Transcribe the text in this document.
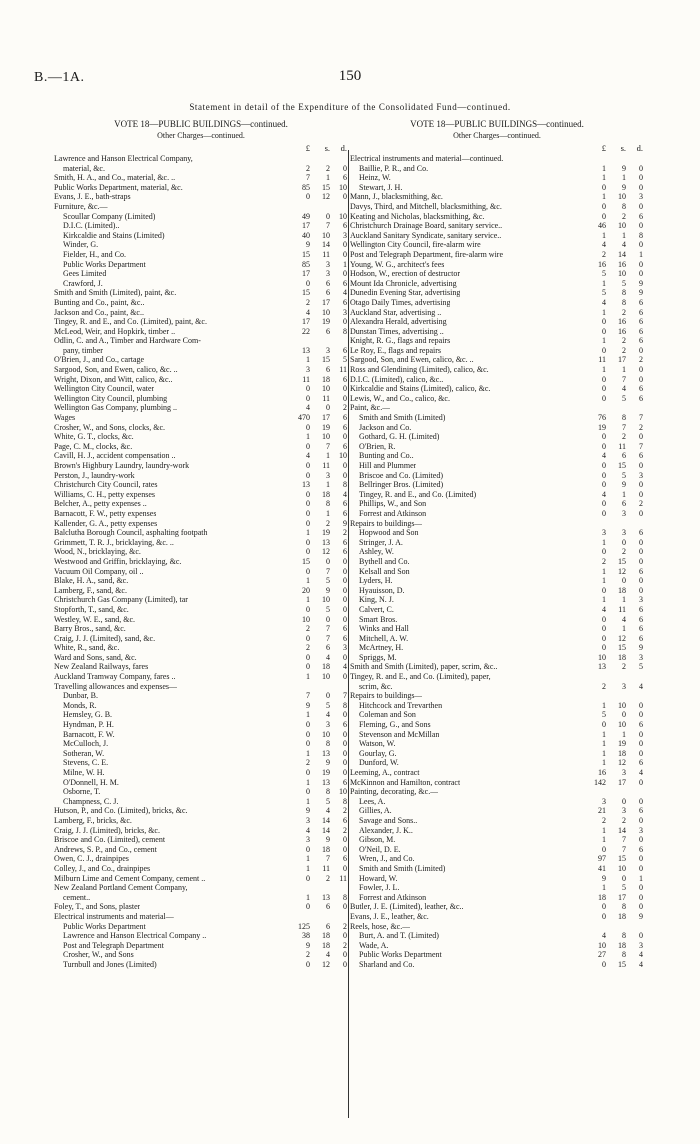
B.—1A.	150
Statement in detail of the Expenditure of the Consolidated Fund—continued.
VOTE 18—PUBLIC BUILDINGS—continued.
Other Charges—continued.
£	s.	d.
Lawrence and Hanson Electrical Company,
material, &c.	2	2	0
Smith, H. A., and Co., material, &c. ..	7	1	6
Public Works Department, material, &c.	85	15	10
Evans, J. E., bath-straps	0	12	0
Furniture, &c.—
Scoullar Company (Limited)	49	0	10
D.I.C. (Limited)..	17	7	6
Kirkcaldie and Stains (Limited)	40	10	3
Winder, G.	9	14	0
Fielder, H., and Co.	15	11	0
Public Works Department	85	3	1
Gees Limited	17	3	0
Crawford, J.	0	6	6
Smith and Smith (Limited), paint, &c.	15	6	4
Bunting and Co., paint, &c..	2	17	6
Jackson and Co., paint, &c..	4	10	3
Tingey, R. and E., and Co. (Limited), paint, &c.	17	19	0
McLeod, Weir, and Hopkirk, timber ..	22	6	8
Odlin, C. and A., Timber and Hardware Com-
pany, timber	13	3	6
O'Brien, J., and Co., cartage	1	15	5
Sargood, Son, and Ewen, calico, &c. ..	3	6	11
Wright, Dixon, and Witt, calico, &c..	11	18	6
Wellington City Council, water	0	10	0
Wellington City Council, plumbing	0	11	0
Wellington Gas Company, plumbing ..	4	0	2
Wages	470	17	6
Crosher, W., and Sons, clocks, &c.	0	19	6
White, G. T., clocks, &c.	1	10	0
Page, C. M., clocks, &c.	0	7	6
Cavill, H. J., accident compensation ..	4	1	10
Brown's Highbury Laundry, laundry-work	0	11	0
Perston, J., laundry-work	0	3	0
Christchurch City Council, rates	13	1	8
Williams, C. H., petty expenses	0	18	4
Belcher, A., petty expenses ..	0	8	6
Barnacott, F. W., petty expenses	0	1	6
Kallender, G. A., petty expenses	0	2	9
Balclutha Borough Council, asphalting footpath	1	19	2
Grimmett, T. R. J., bricklaying, &c. ..	0	13	6
Wood, N., bricklaying, &c.	0	12	6
Westwood and Griffin, bricklaying, &c.	15	0	0
Vacuum Oil Company, oil ..	0	7	0
Blake, H. A., sand, &c.	1	5	0
Lamberg, F., sand, &c.	20	9	0
Christchurch Gas Company (Limited), tar	1	10	0
Stopforth, T., sand, &c.	0	5	0
Westley, W. E., sand, &c.	10	0	0
Barry Bros., sand, &c.	2	7	6
Craig, J. J. (Limited), sand, &c.	0	7	6
White, R., sand, &c.	2	6	3
Ward and Sons, sand, &c.	0	4	0
New Zealand Railways, fares	0	18	4
Auckland Tramway Company, fares ..	1	10	0
Travelling allowances and expenses—
Dunbar, B.	7	0	7
Monds, R.	9	5	8
Hemsley, G. B.	1	4	0
Hyndman, P. H.	0	3	6
Barnacott, F. W.	0	10	0
McCulloch, J.	0	8	0
Sotheran, W.	1	13	0
Stevens, C. E.	2	9	0
Milne, W. H.	0	19	0
O'Donnell, H. M.	1	13	6
Osborne, T.	0	8	10
Champness, C. J.	1	5	8
Hutson, P., and Co. (Limited), bricks, &c.	9	4	2
Lamberg, F., bricks, &c.	3	14	6
Craig, J. J. (Limited), bricks, &c.	4	14	2
Briscoe and Co. (Limited), cement	3	9	0
Andrews, S. P., and Co., cement	0	18	0
Owen, C. J., drainpipes	1	7	6
Colley, J., and Co., drainpipes	1	11	0
Milburn Lime and Cement Company, cement ..	0	2	11
New Zealand Portland Cement Company,
cement..	1	13	8
Foley, T., and Sons, plaster	0	6	0
Electrical instruments and material—
Public Works Department	125	6	2
Lawrence and Hanson Electrical Company ..	38	18	0
Post and Telegraph Department	9	18	2
Crosher, W., and Sons	2	4	0
Turnbull and Jones (Limited)	0	12	0
VOTE 18—PUBLIC BUILDINGS—continued.
Other Charges—continued.
£	s.	d.
Electrical instruments and material—continued.
Baillie, P. R., and Co.	1	9	0
Heinz, W.	1	1	0
Stewart, J. H.	0	9	0
Mann, J., blacksmithing, &c.	1	10	3
Davys, Third, and Mitchell, blacksmithing, &c.	0	8	0
Keating and Nicholas, blacksmithing, &c.	0	2	6
Christchurch Drainage Board, sanitary service..	46	10	0
Auckland Sanitary Syndicate, sanitary service..	1	1	8
Wellington City Council, fire-alarm wire	4	4	0
Post and Telegraph Department, fire-alarm wire	2	14	1
Young, W. G., architect's fees	16	16	0
Hodson, W., erection of destructor	5	10	0
Mount Ida Chronicle, advertising	1	5	9
Dunedin Evening Star, advertising	5	8	9
Otago Daily Times, advertising	4	8	6
Auckland Star, advertising ..	1	2	6
Alexandra Herald, advertising	0	16	6
Dunstan Times, advertising ..	0	16	6
Knight, R. G., flags and repairs	1	2	6
Le Roy, E., flags and repairs	0	2	0
Sargood, Son, and Ewen, calico, &c. ..	11	17	2
Ross and Glendining (Limited), calico, &c.	1	1	0
D.I.C. (Limited), calico, &c..	0	7	0
Kirkcaldie and Stains (Limited), calico, &c.	0	4	6
Lewis, W., and Co., calico, &c.	0	5	6
Paint, &c.—
Smith and Smith (Limited)	76	8	7
Jackson and Co.	19	7	2
Gothard, G. H. (Limited)	0	2	0
O'Brien, R.	0	11	7
Bunting and Co..	4	6	6
Hill and Plummer	0	15	0
Briscoe and Co. (Limited)	0	5	3
Bellringer Bros. (Limited)	0	9	0
Tingey, R. and E., and Co. (Limited)	4	1	0
Phillips, W., and Son	0	6	2
Forrest and Atkinson	0	3	0
Repairs to buildings—
Hopwood and Son	3	3	6
Stringer, J. A.	1	0	0
Ashley, W.	0	2	0
Bythell and Co.	2	15	0
Kelsall and Son	1	12	6
Lyders, H.	1	0	0
Hyauisson, D.	0	18	0
King, N. J.	1	1	3
Calvert, C.	4	11	6
Smart Bros.	0	4	6
Winks and Hall	0	1	6
Mitchell, A. W.	0	12	6
McArtney, H.	0	15	9
Spriggs, M.	10	18	3
Smith and Smith (Limited), paper, scrim, &c..	13	2	5
Tingey, R. and E., and Co. (Limited), paper,
scrim, &c.	2	3	4
Repairs to buildings—
Hitchcock and Trevarthen	1	10	0
Coleman and Son	5	0	0
Fleming, G., and Sons	0	10	6
Stevenson and McMillan	1	1	0
Watson, W.	1	19	0
Gourlay, G.	1	18	0
Dunford, W.	1	12	6
Leeming, A., contract	16	3	4
McKinnon and Hamilton, contract	142	17	0
Painting, decorating, &c.—
Lees, A.	3	0	0
Gillies, A.	21	3	6
Savage and Sons..	2	2	0
Alexander, J. K..	1	14	3
Gibson, M.	1	7	0
O'Neil, D. E.	0	7	6
Wren, J., and Co.	97	15	0
Smith and Smith (Limited)	41	10	0
Howard, W.	9	0	1
Fowler, J. L.	1	5	0
Forrest and Atkinson	18	17	0
Butler, J. E. (Limited), leather, &c..	0	8	0
Evans, J. E., leather, &c.	0	18	9
Reels, hose, &c.—
Burt, A. and T. (Limited)	4	8	0
Wade, A.	10	18	3
Public Works Department	27	8	4
Sharland and Co.	0	15	4
